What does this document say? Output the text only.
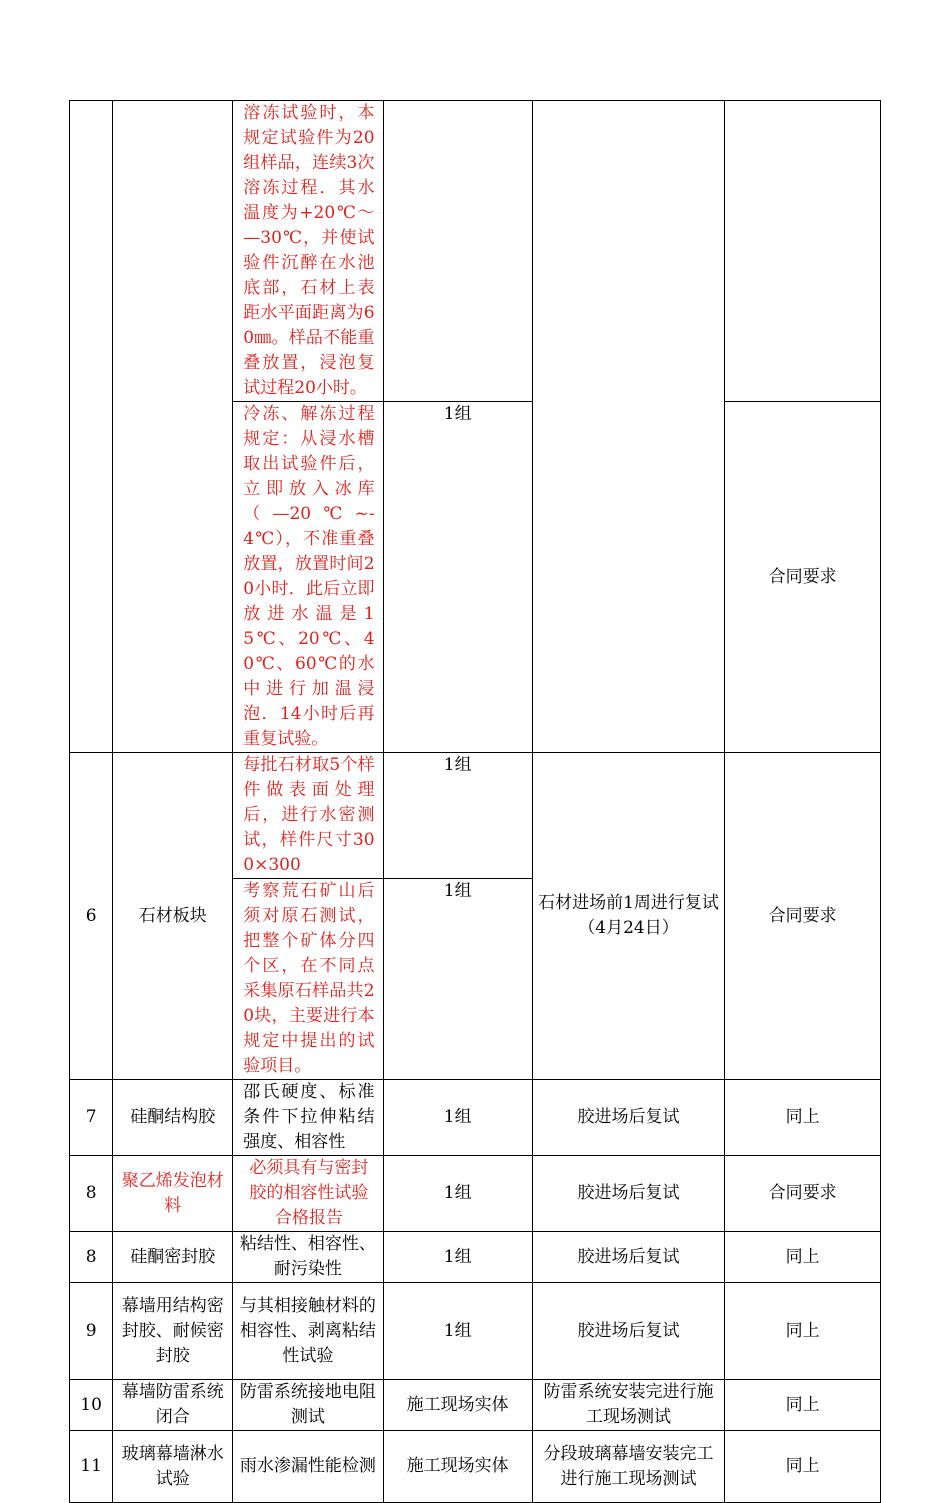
		溶冻试验时，本规定试验件为20组样品，连续3次溶冻过程．其水温度为+20℃～—30℃，并使试验件沉醉在水池底部，石材上表距水平面距离为60㎜。样品不能重叠放置，浸泡复试过程20小时。			
		冷冻、解冻过程规定：从浸水槽取出试验件后，立即放入冰库（—20℃~-4℃），不准重叠放置，放置时间20小时．此后立即放进水温是15℃、20℃、40℃、60℃的水中进行加温浸泡．14小时后再重复试验。	1组		合同要求
6	石材板块	每批石材取5个样件做表面处理后，进行水密测试，样件尺寸300×300	1组	石材进场前1周进行复试（4月24日）	合同要求
		考察荒石矿山后须对原石测试，把整个矿体分四个区，在不同点采集原石样品共20块，主要进行本规定中提出的试验项目。	1组		
7	硅酮结构胶	邵氏硬度、标准条件下拉伸粘结强度、相容性	1组	胶进场后复试	同上
8	聚乙烯发泡材料	必须具有与密封胶的相容性试验合格报告	1组	胶进场后复试	合同要求
8	硅酮密封胶	粘结性、相容性、耐污染性	1组	胶进场后复试	同上
9	幕墙用结构密封胶、耐候密封胶	与其相接触材料的相容性、剥离粘结性试验	1组	胶进场后复试	同上
10	幕墙防雷系统闭合	防雷系统接地电阻测试	施工现场实体	防雷系统安装完进行施工现场测试	同上
11	玻璃幕墙淋水试验	雨水渗漏性能检测	施工现场实体	分段玻璃幕墙安装完工进行施工现场测试	同上
